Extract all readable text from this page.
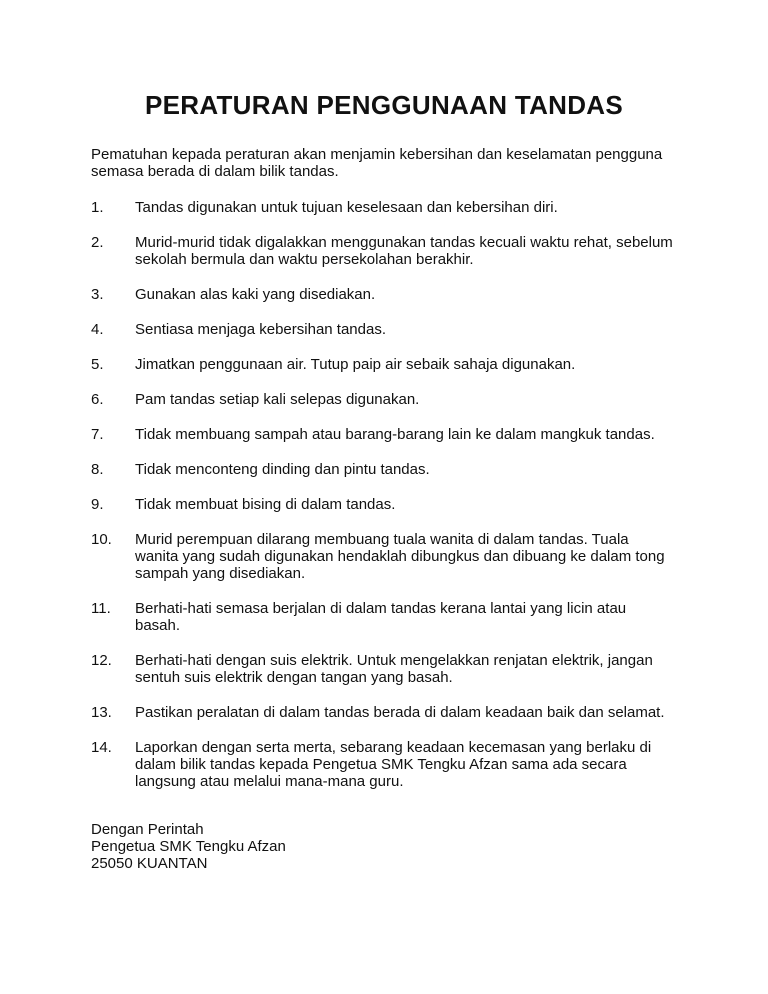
PERATURAN PENGGUNAAN TANDAS

Pematuhan kepada peraturan akan menjamin kebersihan dan keselamatan pengguna semasa berada di dalam bilik tandas.

1.	Tandas digunakan untuk tujuan keselesaan dan kebersihan diri.
2.	Murid-murid tidak digalakkan menggunakan tandas kecuali waktu rehat, sebelum
sekolah bermula dan waktu persekolahan berakhir.
3.	Gunakan alas kaki yang disediakan.
4.	Sentiasa menjaga kebersihan tandas.
5.	Jimatkan penggunaan air. Tutup paip air sebaik sahaja digunakan.
6.	Pam tandas setiap kali selepas digunakan.
7.	Tidak membuang sampah atau barang-barang lain ke dalam mangkuk tandas.
8.	Tidak menconteng dinding dan pintu tandas.
9.	Tidak membuat bising di dalam tandas.
10.	Murid perempuan dilarang membuang tuala wanita di dalam tandas. Tuala
wanita yang sudah digunakan hendaklah dibungkus dan dibuang ke dalam tong
sampah yang disediakan.
11.	Berhati-hati semasa berjalan di dalam tandas kerana lantai yang licin atau
basah.
12.	Berhati-hati dengan suis elektrik. Untuk mengelakkan renjatan elektrik, jangan
sentuh suis elektrik dengan tangan yang basah.
13.	Pastikan peralatan di dalam tandas berada di dalam keadaan baik dan selamat.
14.	Laporkan dengan serta merta, sebarang keadaan kecemasan yang berlaku di
dalam bilik tandas kepada Pengetua SMK Tengku Afzan sama ada secara
langsung atau melalui mana-mana guru.
Dengan Perintah
Pengetua SMK Tengku Afzan
25050 KUANTAN
